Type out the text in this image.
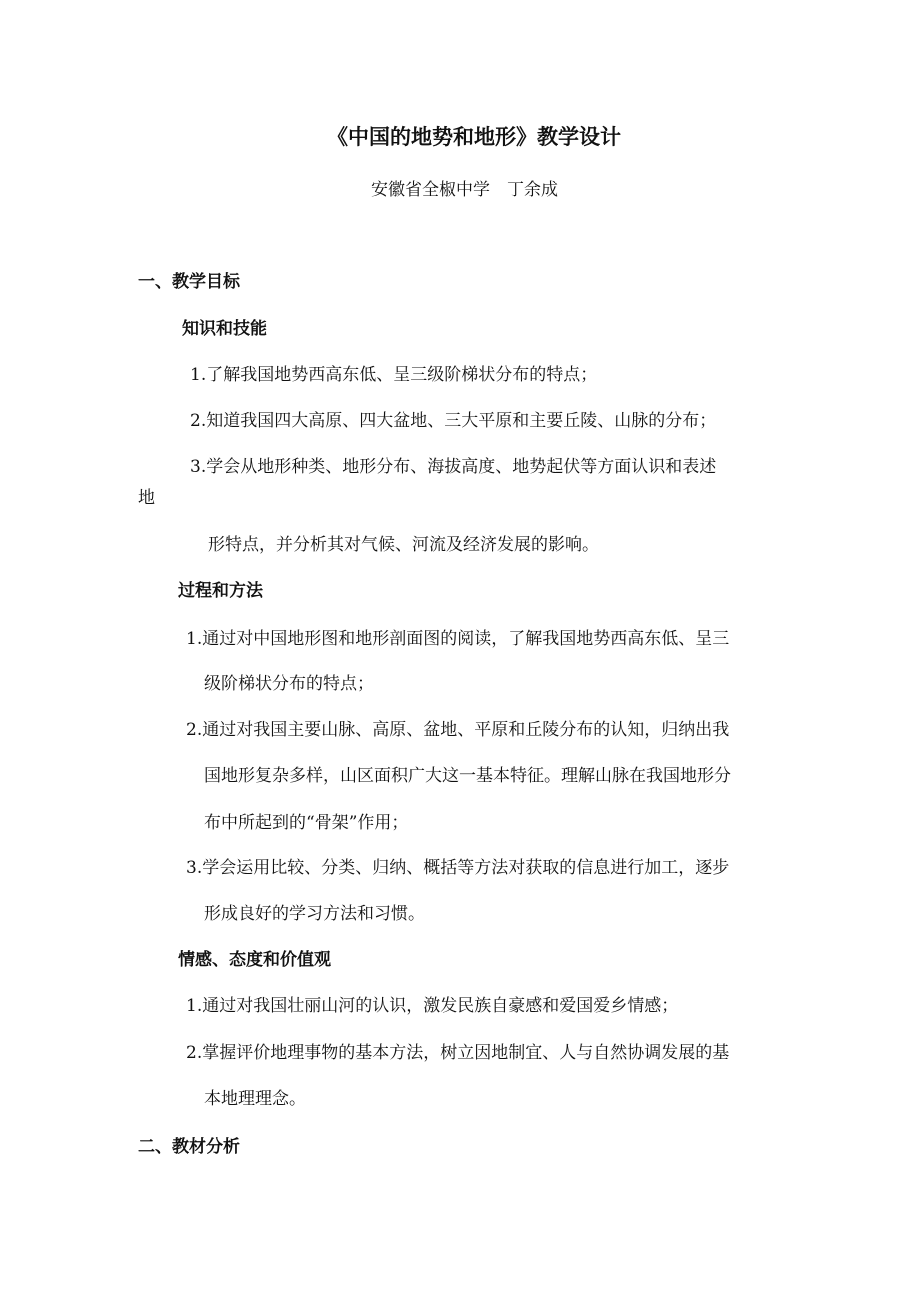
《中国的地势和地形》教学设计
安徽省全椒中学　丁余成
一、教学目标
知识和技能
1.了解我国地势西高东低、呈三级阶梯状分布的特点；
2.知道我国四大高原、四大盆地、三大平原和主要丘陵、山脉的分布；
3.学会从地形种类、地形分布、海拔高度、地势起伏等方面认识和表述
地
形特点，并分析其对气候、河流及经济发展的影响。
过程和方法
1.通过对中国地形图和地形剖面图的阅读，了解我国地势西高东低、呈三
级阶梯状分布的特点；
2.通过对我国主要山脉、高原、盆地、平原和丘陵分布的认知，归纳出我
国地形复杂多样，山区面积广大这一基本特征。理解山脉在我国地形分
布中所起到的“骨架”作用；
3.学会运用比较、分类、归纳、概括等方法对获取的信息进行加工，逐步
形成良好的学习方法和习惯。
情感、态度和价值观
1.通过对我国壮丽山河的认识，激发民族自豪感和爱国爱乡情感；
2.掌握评价地理事物的基本方法，树立因地制宜、人与自然协调发展的基
本地理理念。
二、教材分析
